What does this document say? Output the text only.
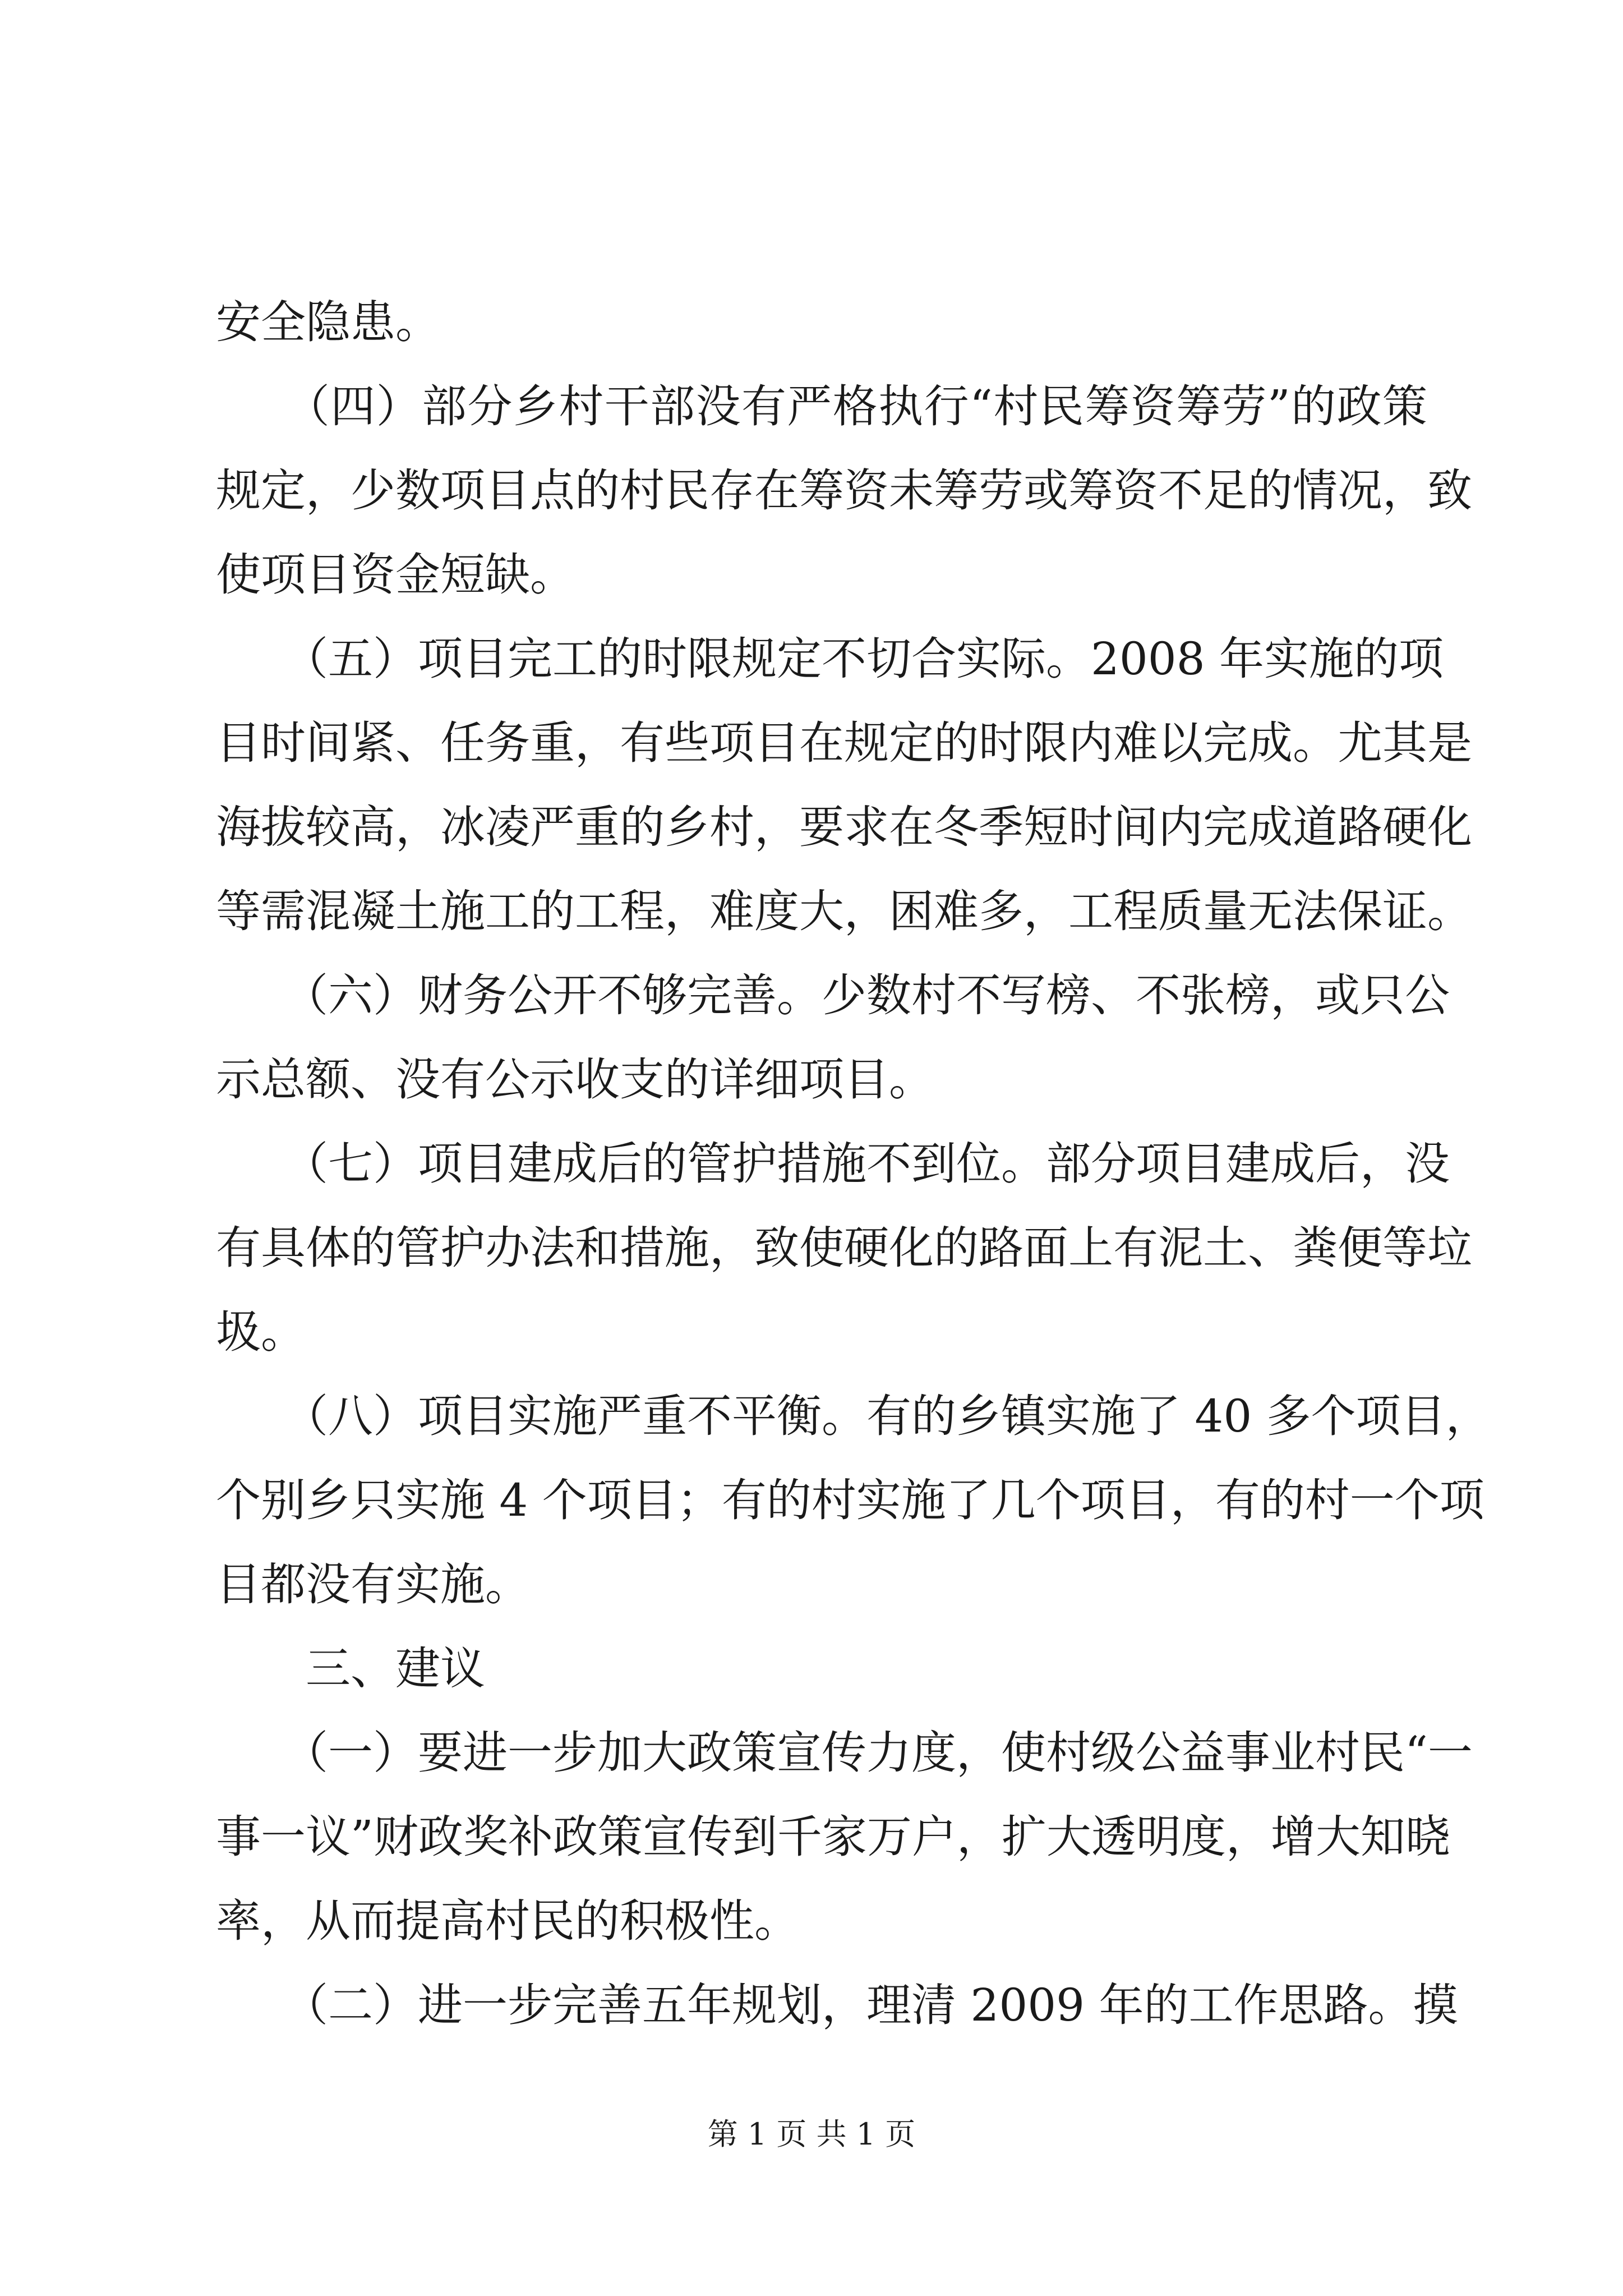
安全隐患。
　　（四）部分乡村干部没有严格执行“村民筹资筹劳”的政策
规定，少数项目点的村民存在筹资未筹劳或筹资不足的情况，致
使项目资金短缺。
　　（五）项目完工的时限规定不切合实际。2008 年实施的项
目时间紧、任务重，有些项目在规定的时限内难以完成。尤其是
海拔较高，冰凌严重的乡村，要求在冬季短时间内完成道路硬化
等需混凝土施工的工程，难度大，困难多，工程质量无法保证。
　　（六）财务公开不够完善。少数村不写榜、不张榜，或只公
示总额、没有公示收支的详细项目。
　　（七）项目建成后的管护措施不到位。部分项目建成后，没
有具体的管护办法和措施，致使硬化的路面上有泥土、粪便等垃
圾。
　　（八）项目实施严重不平衡。有的乡镇实施了 40 多个项目，
个别乡只实施 4 个项目；有的村实施了几个项目，有的村一个项
目都没有实施。
　　三、建议
　　（一）要进一步加大政策宣传力度，使村级公益事业村民“一
事一议”财政奖补政策宣传到千家万户，扩大透明度，增大知晓
率，从而提高村民的积极性。
　　（二）进一步完善五年规划，理清 2009 年的工作思路。摸
第 1 页 共 1 页
